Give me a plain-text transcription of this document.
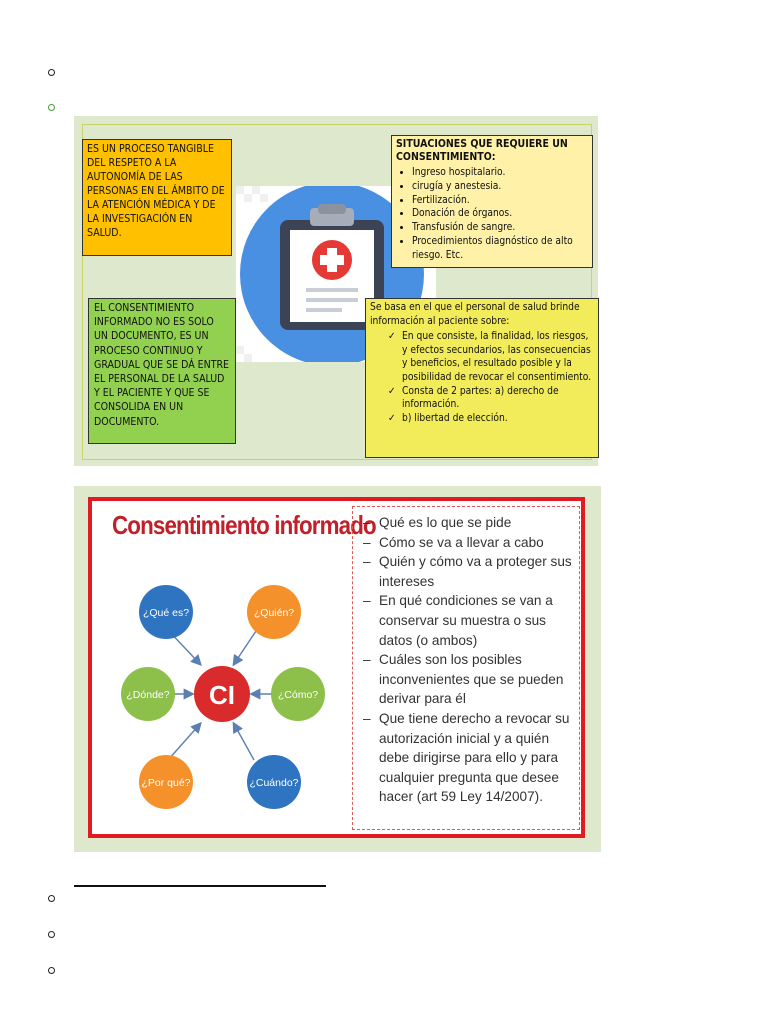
ES UN PROCESO TANGIBLE DEL RESPETO A LA AUTONOMÍA DE LAS PERSONAS EN EL ÁMBITO DE LA ATENCIÓN MÉDICA Y DE LA INVESTIGACIÓN EN SALUD.
EL CONSENTIMIENTO INFORMADO NO ES SOLO UN DOCUMENTO, ES UN PROCESO CONTINUO Y GRADUAL QUE SE DÁ ENTRE EL PERSONAL DE LA SALUD Y EL PACIENTE Y QUE SE CONSOLIDA EN UN DOCUMENTO.
SITUACIONES QUE REQUIERE UN CONSENTIMIENTO:
• Ingreso hospitalario.
• cirugía y anestesia.
• Fertilización.
• Donación de órganos.
• Transfusión de sangre.
• Procedimientos diagnóstico de alto riesgo. Etc.
Se basa en el que el personal de salud brinde información al paciente sobre:
✓ En que consiste, la finalidad, los riesgos, y efectos secundarios, las consecuencias y beneficios, el resultado posible y la posibilidad de revocar el consentimiento.
✓ Consta de 2 partes: a) derecho de información.
✓ b) libertad de elección.
Consentimiento informado
CI
¿Qué es?	¿Quién?
¿Dónde?	¿Cómo?
¿Por qué?	¿Cuándo?
– Qué es lo que se pide
– Cómo se va a llevar a cabo
– Quién y cómo va a proteger sus intereses
– En qué condiciones se van a conservar su muestra o sus datos (o ambos)
– Cuáles son los posibles inconvenientes que se pueden derivar para él
– Que tiene derecho a revocar su autorización inicial y a quién debe dirigirse para ello y para cualquier pregunta que desee hacer (art 59 Ley 14/2007).
